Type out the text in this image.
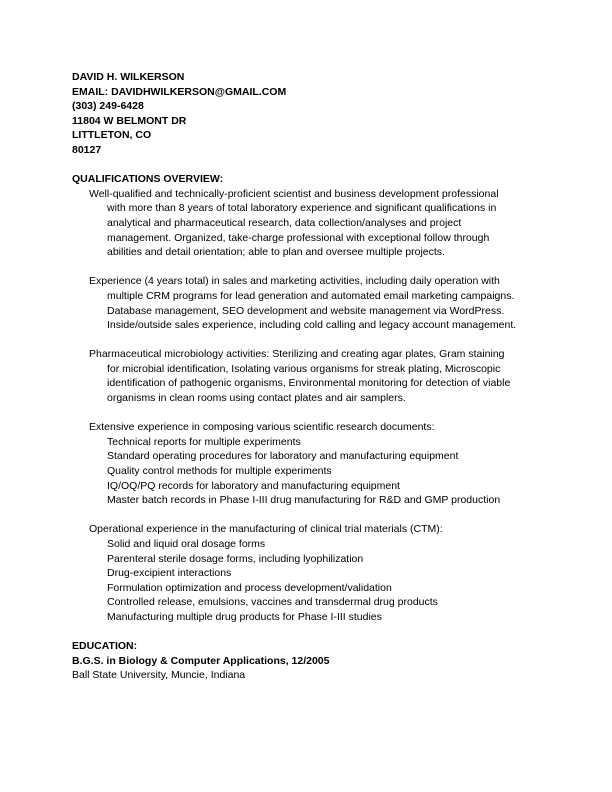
DAVID H. WILKERSON
EMAIL: DAVIDHWILKERSON@GMAIL.COM
(303) 249-6428
11804 W BELMONT DR
LITTLETON, CO
80127
QUALIFICATIONS OVERVIEW:
Well-qualified and technically-proficient scientist and business development professional
with more than 8 years of total laboratory experience and significant qualifications in
analytical and pharmaceutical research, data collection/analyses and project
management. Organized, take-charge professional with exceptional follow through
abilities and detail orientation; able to plan and oversee multiple projects.
Experience (4 years total) in sales and marketing activities, including daily operation with
multiple CRM programs for lead generation and automated email marketing campaigns.
Database management, SEO development and website management via WordPress.
Inside/outside sales experience, including cold calling and legacy account management.
Pharmaceutical microbiology activities: Sterilizing and creating agar plates, Gram staining
for microbial identification, Isolating various organisms for streak plating, Microscopic
identification of pathogenic organisms, Environmental monitoring for detection of viable
organisms in clean rooms using contact plates and air samplers.
Extensive experience in composing various scientific research documents:
Technical reports for multiple experiments
Standard operating procedures for laboratory and manufacturing equipment
Quality control methods for multiple experiments
IQ/OQ/PQ records for laboratory and manufacturing equipment
Master batch records in Phase I-III drug manufacturing for R&D and GMP production
Operational experience in the manufacturing of clinical trial materials (CTM):
Solid and liquid oral dosage forms
Parenteral sterile dosage forms, including lyophilization
Drug-excipient interactions
Formulation optimization and process development/validation
Controlled release, emulsions, vaccines and transdermal drug products
Manufacturing multiple drug products for Phase I-III studies
EDUCATION:
B.G.S. in Biology & Computer Applications, 12/2005
Ball State University, Muncie, Indiana
